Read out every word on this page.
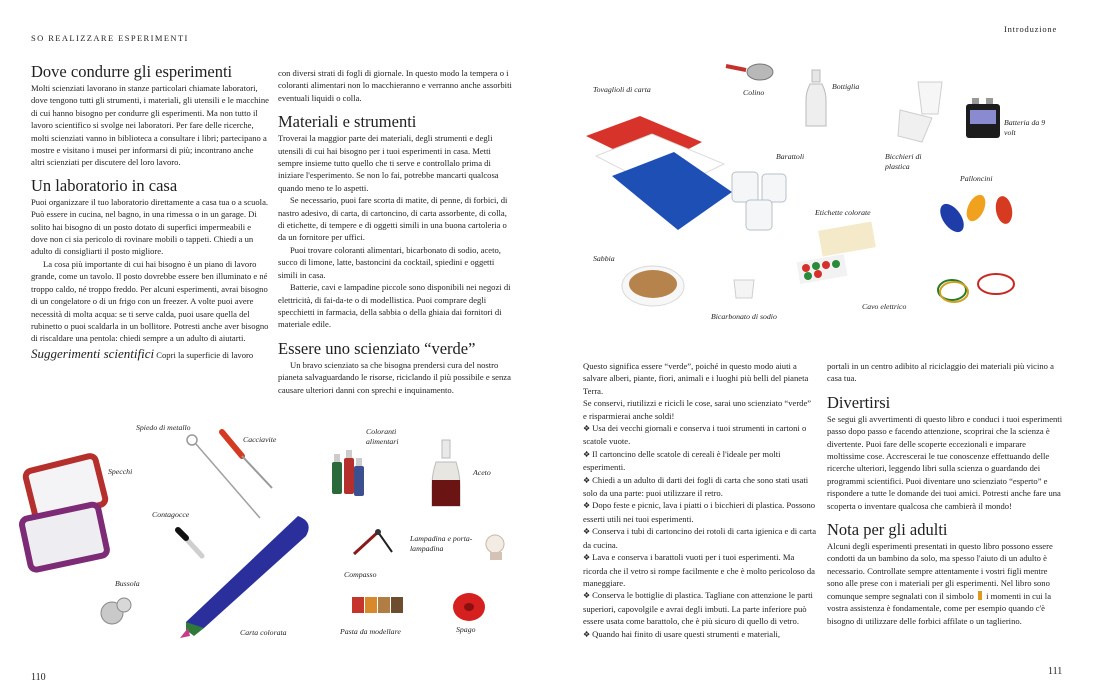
SO REALIZZARE ESPERIMENTI
Dove condurre gli esperimenti

Molti scienziati lavorano in stanze particolari chiamate laboratori, dove tengono tutti gli strumenti, i materiali, gli utensili e le macchine di cui hanno bisogno per condurre gli esperimenti. Ma non tutto il lavoro scientifico si svolge nei laboratori. Per fare delle ricerche, molti scienziati vanno in biblioteca a consultare i libri; partecipano a mostre e visitano i musei per informarsi di più; incontrano anche altri scienziati per discutere del loro lavoro.

Un laboratorio in casa

Puoi organizzare il tuo laboratorio direttamente a casa tua o a scuola. Può essere in cucina, nel bagno, in una rimessa o in un garage. Di solito hai bisogno di un posto dotato di superfici impermeabili e dove non ci sia pericolo di rovinare mobili o tappeti. Chiedi a un adulto di consigliarti il posto migliore.

La cosa più importante di cui hai bisogno è un piano di lavoro grande, come un tavolo. Il posto dovrebbe essere ben illuminato e né troppo caldo, né troppo freddo. Per alcuni esperimenti, avrai bisogno di un congelatore o di un frigo con un freezer. A volte puoi avere necessità di molta acqua: se ti serve calda, puoi usare quella del rubinetto o puoi scaldarla in un bollitore. Potresti anche aver bisogno di riscaldare una pentola: chiedi sempre a un adulto di aiutarti.

Suggerimenti scientifici Copri la superficie di lavoro

con diversi strati di fogli di giornale. In questo modo la tempera o i coloranti alimentari non lo macchieranno e verranno anche assorbiti eventuali liquidi o colla.

Materiali e strumenti

Troverai la maggior parte dei materiali, degli strumenti e degli utensili di cui hai bisogno per i tuoi esperimenti in casa. Metti sempre insieme tutto quello che ti serve e controllalo prima di iniziare l'esperimento. Se non lo fai, potrebbe mancarti qualcosa quando meno te lo aspetti.

Se necessario, puoi fare scorta di matite, di penne, di forbici, di nastro adesivo, di carta, di cartoncino, di carta assorbente, di colla, di etichette, di tempere e di oggetti simili in una buona cartoleria o da un fornitore per uffici.

Puoi trovare coloranti alimentari, bicarbonato di sodio, aceto, succo di limone, latte, bastoncini da cocktail, spiedini e oggetti simili in casa.

Batterie, cavi e lampadine piccole sono disponibili nei negozi di elettricità, di fai-da-te o di modellistica. Puoi comprare degli specchietti in farmacia, della sabbia o della ghiaia dai fornitori di materiale edile.

Essere uno scienziato “verde”

Un bravo scienziato sa che bisogna prendersi cura del nostro pianeta salvaguardando le risorse, riciclando il più possibile e senza causare ulteriori danni con sprechi e inquinamento.

Spiedo di metallo
Cacciavite
Coloranti alimentari
Aceto
Specchi
Contagocce
Lampadina e porta-lampadina
Compasso
Bussola
Carta colorata	Pasta da modellare	Spago
110
Introduzione
Tovaglioli di carta	Colino
Bottiglia
Batteria da 9 volt
Barattoli	Bicchieri di plastica
Palloncini
Etichette colorate
Sabbia
Cavo elettrico
Bicarbonato di sodio

Questo significa essere “verde”, poiché in questo modo aiuti a salvare alberi, piante, fiori, animali e i luoghi più belli del pianeta Terra.

Se conservi, riutilizzi e ricicli le cose, sarai uno scienziato “verde” e risparmierai anche soldi!

❖ Usa dei vecchi giornali e conserva i tuoi strumenti in cartoni o scatole vuote.
❖ Il cartoncino delle scatole di cereali è l'ideale per molti esperimenti.
❖ Chiedi a un adulto di darti dei fogli di carta che sono stati usati solo da una parte: puoi utilizzare il retro.
❖ Dopo feste e picnic, lava i piatti o i bicchieri di plastica. Possono esserti utili nei tuoi esperimenti.
❖ Conserva i tubi di cartoncino dei rotoli di carta igienica e di carta da cucina.
❖ Lava e conserva i barattoli vuoti per i tuoi esperimenti. Ma ricorda che il vetro si rompe facilmente e che è molto pericoloso da maneggiare.
❖ Conserva le bottiglie di plastica. Tagliane con attenzione le parti superiori, capovolgile e avrai degli imbuti. La parte inferiore può essere usata come barattolo, che è più sicuro di quello di vetro.
❖ Quando hai finito di usare questi strumenti e materiali,

portali in un centro adibito al riciclaggio dei materiali più vicino a casa tua.

Divertirsi

Se segui gli avvertimenti di questo libro e conduci i tuoi esperimenti passo dopo passo e facendo attenzione, scoprirai che la scienza è divertente. Puoi fare delle scoperte eccezionali e imparare moltissime cose. Accrescerai le tue conoscenze effettuando delle ricerche ulteriori, leggendo libri sulla scienza o guardando dei programmi scientifici. Puoi diventare uno scienziato “esperto” e rispondere a tutte le domande dei tuoi amici. Potresti anche fare una scoperta o inventare qualcosa che cambierà il mondo!

Nota per gli adulti

Alcuni degli esperimenti presentati in questo libro possono essere condotti da un bambino da solo, ma spesso l'aiuto di un adulto è necessario. Controllate sempre attentamente i vostri figli mentre sono alle prese con i materiali per gli esperimenti. Nel libro sono comunque sempre segnalati con il simbolo i momenti in cui la vostra assistenza è fondamentale, come per esempio quando c'è bisogno di utilizzare delle forbici affilate o un taglierino.

111
